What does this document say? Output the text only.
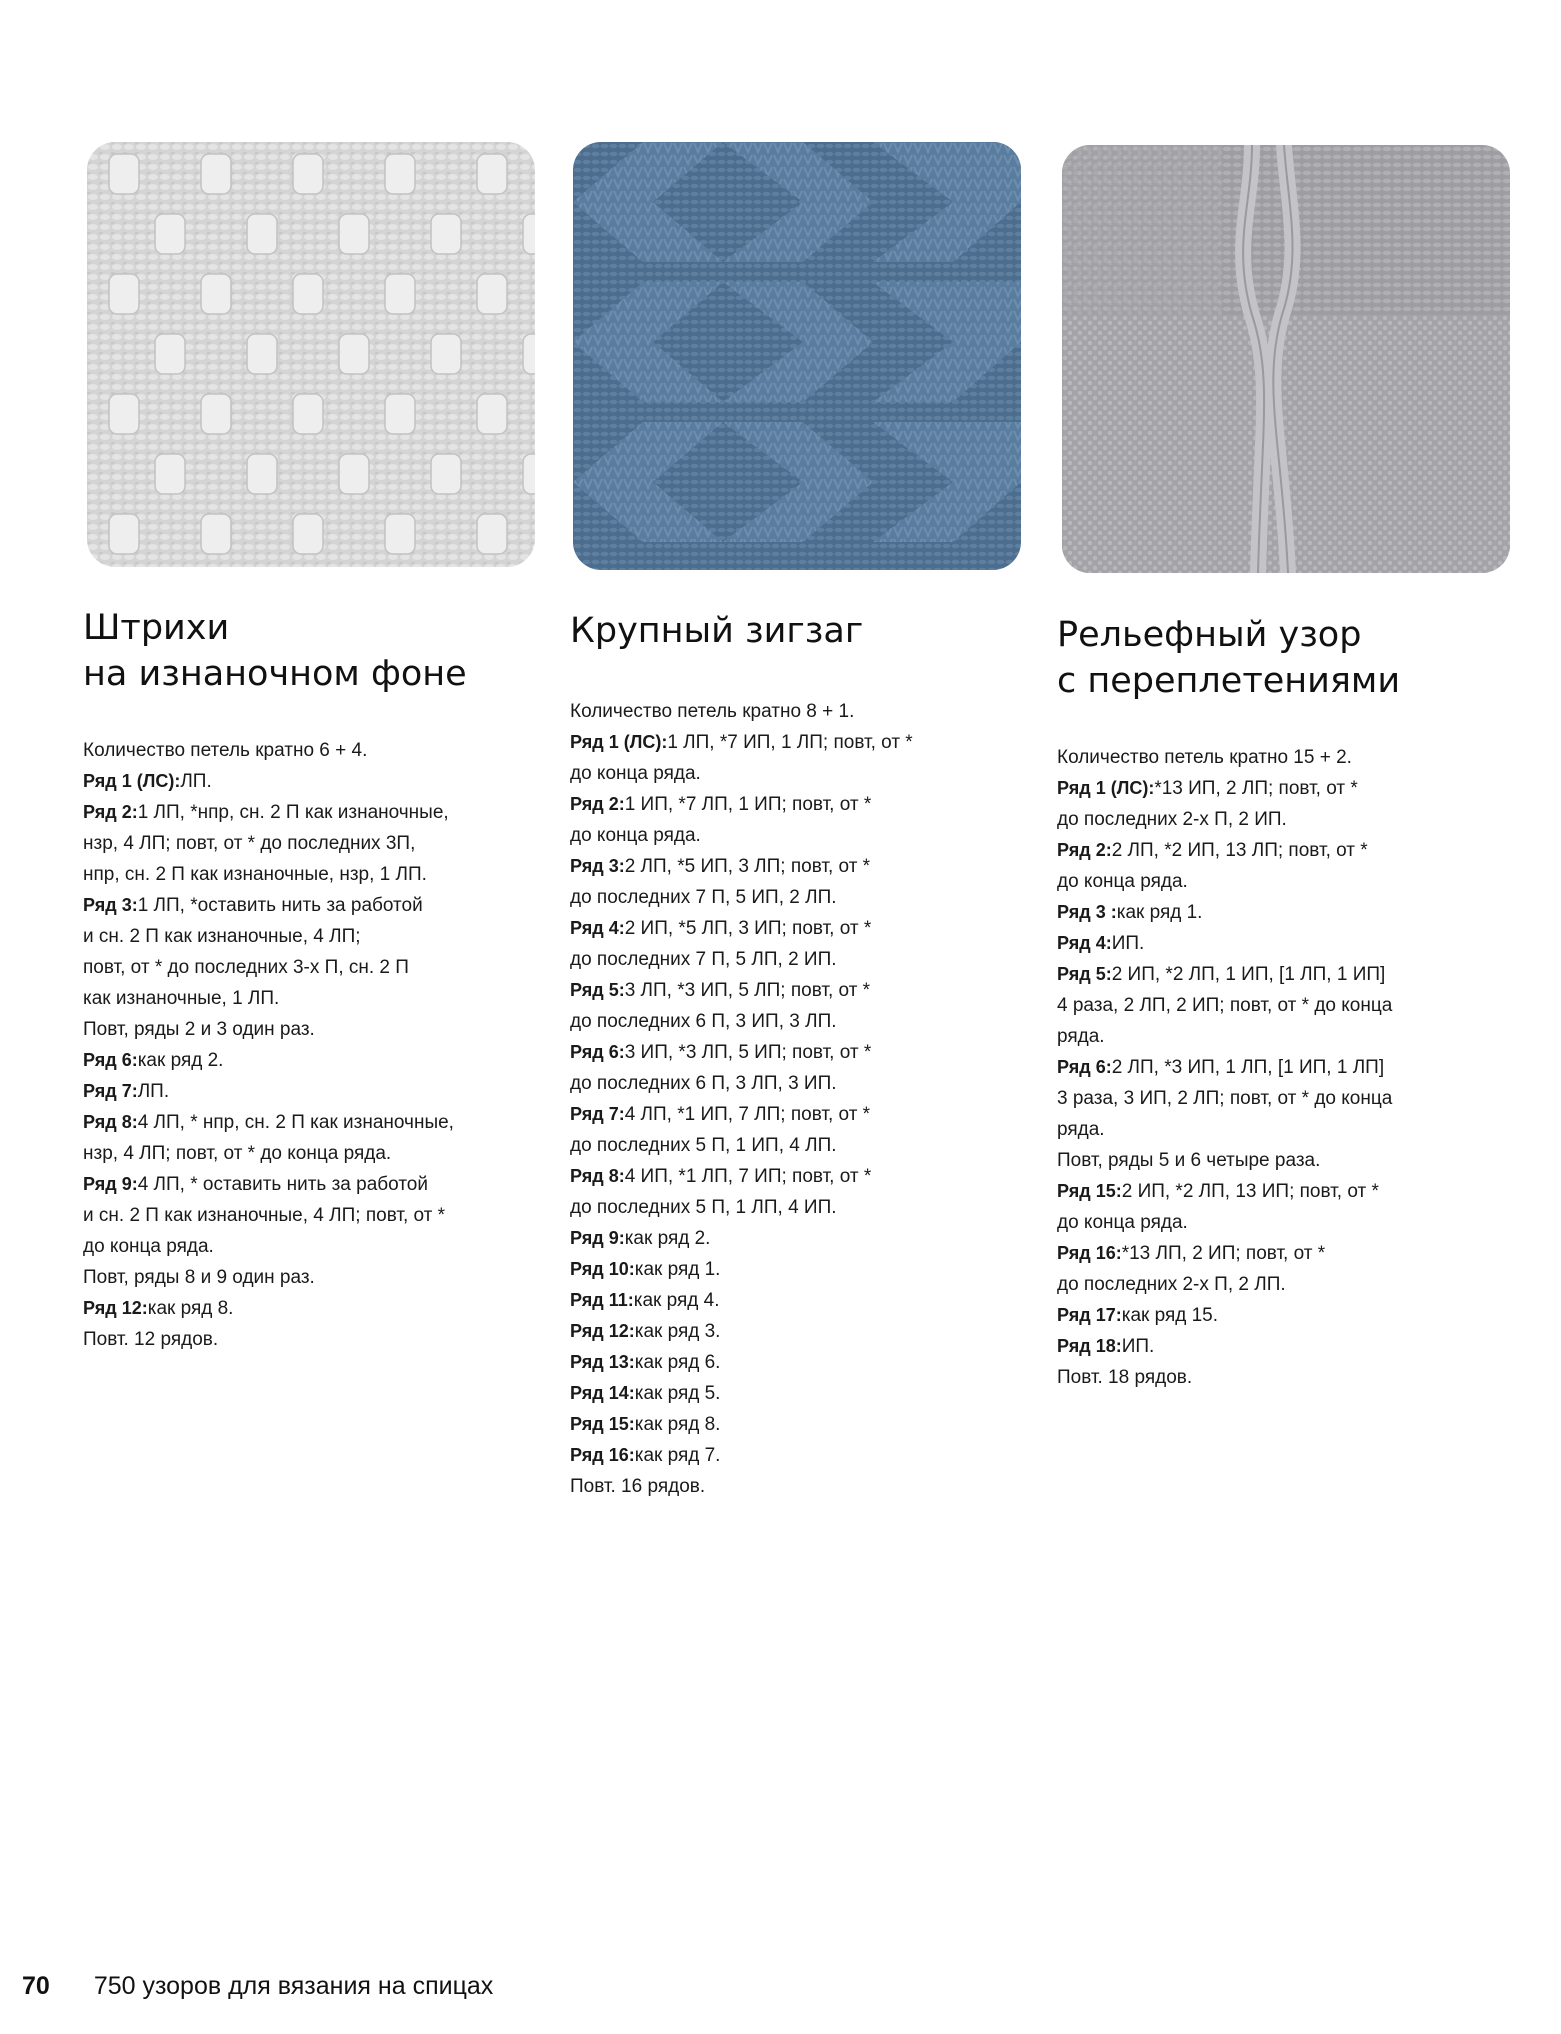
Штрихи
на изнаночном фоне

Количество петель кратно 6 + 4.

Ряд 1 (ЛС):ЛП.

Ряд 2:1 ЛП, *нпр, сн. 2 П как изнаночные,
нзр, 4 ЛП; повт, от * до последних 3П,
нпр, сн. 2 П как изнаночные, нзр, 1 ЛП.

Ряд 3:1 ЛП, *оставить нить за работой
и сн. 2 П как изнаночные, 4 ЛП;
повт, от * до последних 3-х П, сн. 2 П
как изнаночные, 1 ЛП.

Повт, ряды 2 и 3 один раз.

Ряд 6:как ряд 2.

Ряд 7:ЛП.

Ряд 8:4 ЛП, * нпр, сн. 2 П как изнаночные,
нзр, 4 ЛП; повт, от * до конца ряда.

Ряд 9:4 ЛП, * оставить нить за работой
и сн. 2 П как изнаночные, 4 ЛП; повт, от *
до конца ряда.

Повт, ряды 8 и 9 один раз.

Ряд 12:как ряд 8.

Повт. 12 рядов.

Крупный зигзаг

Количество петель кратно 8 + 1.

Ряд 1 (ЛС):1 ЛП, *7 ИП, 1 ЛП; повт, от *
до конца ряда.

Ряд 2:1 ИП, *7 ЛП, 1 ИП; повт, от *
до конца ряда.

Ряд 3:2 ЛП, *5 ИП, 3 ЛП; повт, от *
до последних 7 П, 5 ИП, 2 ЛП.

Ряд 4:2 ИП, *5 ЛП, 3 ИП; повт, от *
до последних 7 П, 5 ЛП, 2 ИП.

Ряд 5:3 ЛП, *3 ИП, 5 ЛП; повт, от *
до последних 6 П, 3 ИП, 3 ЛП.

Ряд 6:3 ИП, *3 ЛП, 5 ИП; повт, от *
до последних 6 П, 3 ЛП, 3 ИП.

Ряд 7:4 ЛП, *1 ИП, 7 ЛП; повт, от *
до последних 5 П, 1 ИП, 4 ЛП.

Ряд 8:4 ИП, *1 ЛП, 7 ИП; повт, от *
до последних 5 П, 1 ЛП, 4 ИП.

Ряд 9:как ряд 2.

Ряд 10:как ряд 1.

Ряд 11:как ряд 4.

Ряд 12:как ряд 3.

Ряд 13:как ряд 6.

Ряд 14:как ряд 5.

Ряд 15:как ряд 8.

Ряд 16:как ряд 7.

Повт. 16 рядов.

Рельефный узор
с переплетениями

Количество петель кратно 15 + 2.

Ряд 1 (ЛС):*13 ИП, 2 ЛП; повт, от *
до последних 2-х П, 2 ИП.

Ряд 2:2 ЛП, *2 ИП, 13 ЛП; повт, от *
до конца ряда.

Ряд 3 :как ряд 1.

Ряд 4:ИП.

Ряд 5:2 ИП, *2 ЛП, 1 ИП, [1 ЛП, 1 ИП]
4 раза, 2 ЛП, 2 ИП; повт, от * до конца
ряда.

Ряд 6:2 ЛП, *3 ИП, 1 ЛП, [1 ИП, 1 ЛП]
3 раза, 3 ИП, 2 ЛП; повт, от * до конца
ряда.

Повт, ряды 5 и 6 четыре раза.

Ряд 15:2 ИП, *2 ЛП, 13 ИП; повт, от *
до конца ряда.

Ряд 16:*13 ЛП, 2 ИП; повт, от *
до последних 2-х П, 2 ЛП.

Ряд 17:как ряд 15.

Ряд 18:ИП.

Повт. 18 рядов.

70 750 узоров для вязания на спицах
